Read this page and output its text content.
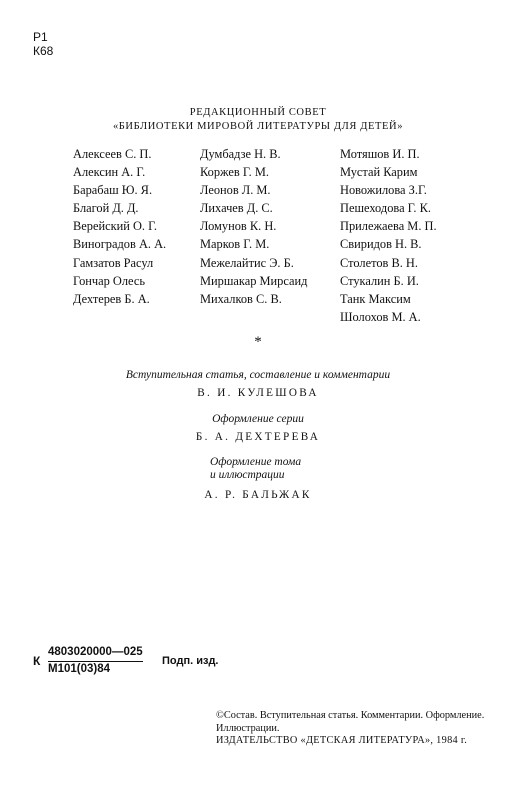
Р1
К68
РЕДАКЦИОННЫЙ СОВЕТ
«БИБЛИОТЕКИ МИРОВОЙ ЛИТЕРАТУРЫ ДЛЯ ДЕТЕЙ»
Алексеев С. П.
Алексин А. Г.
Барабаш Ю. Я.
Благой Д. Д.
Верейский О. Г.
Виноградов А. А.
Гамзатов Расул
Гончар Олесь
Дехтерев Б. А.
Думбадзе Н. В.
Коржев Г. М.
Леонов Л. М.
Лихачев Д. С.
Ломунов К. Н.
Марков Г. М.
Межелайтис Э. Б.
Миршакар Мирсаид
Михалков С. В.
Мотяшов И. П.
Мустай Карим
Новожилова З.Г.
Пешеходова Г. К.
Прилежаева М. П.
Свиридов Н. В.
Столетов В. Н.
Стукалин Б. И.
Танк Максим
Шолохов М. А.
*
Вступительная статья, составление и комментарии
В. И. КУЛЕШОВА
Оформление серии
Б. А. ДЕХТЕРЕВА
Оформление тома
и иллюстрации
А. Р. БАЛЬЖАК
К
4803020000—025
М101(03)84
Подп. изд.
©Состав. Вступительная статья. Комментарии. Оформление.
Иллюстрации.
ИЗДАТЕЛЬСТВО «ДЕТСКАЯ ЛИТЕРАТУРА», 1984 г.
